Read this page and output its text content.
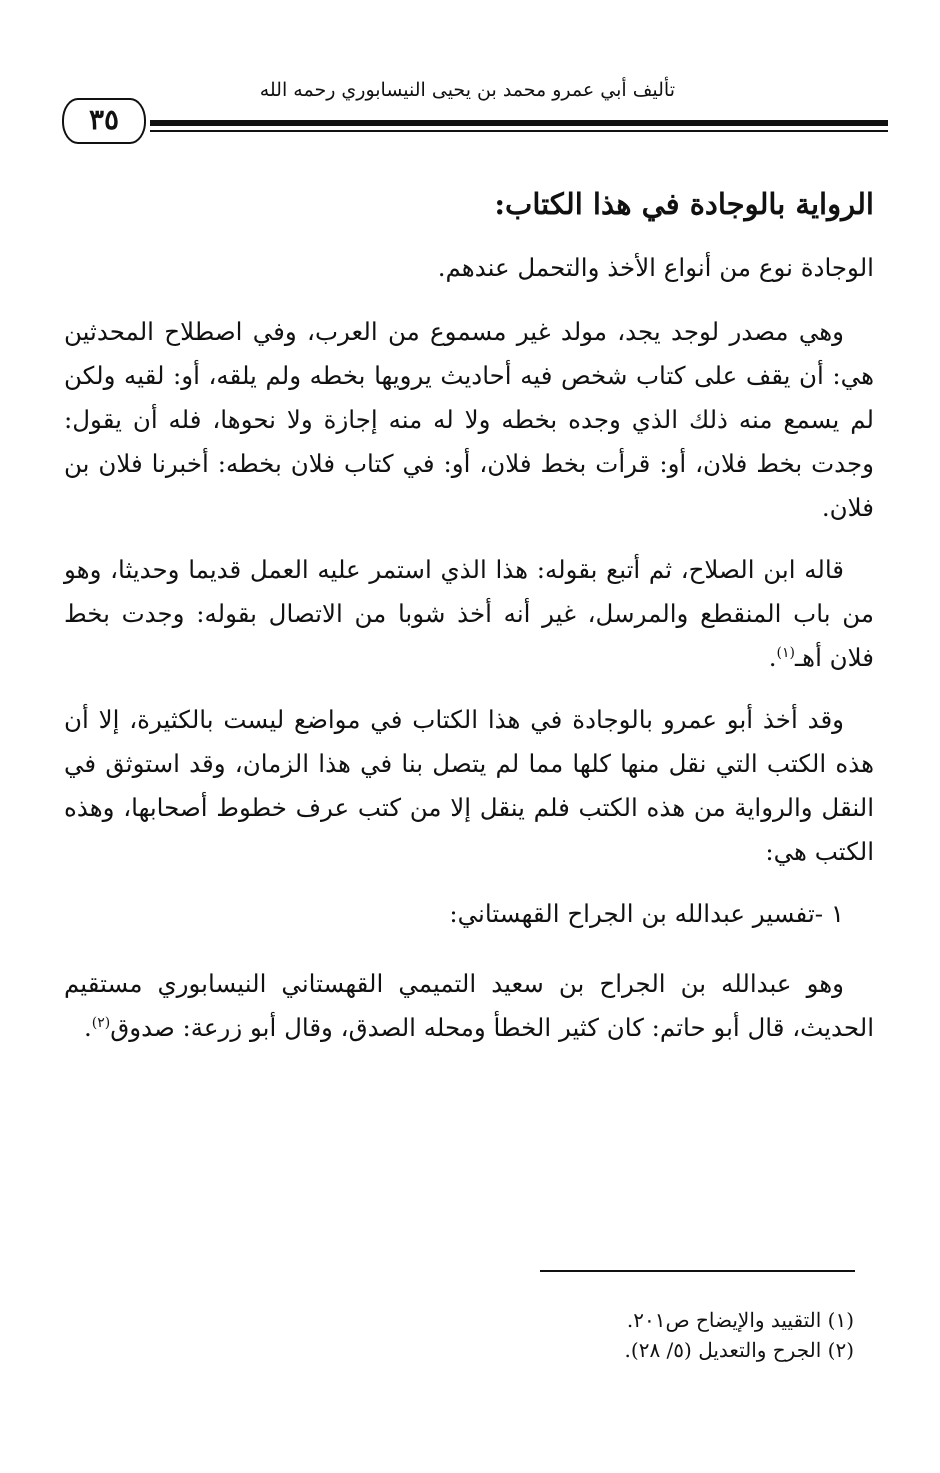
تأليف أبي عمرو محمد بن يحيى النيسابوري رحمه الله
٣٥
الرواية بالوجادة في هذا الكتاب:

الوجادة نوع من أنواع الأخذ والتحمل عندهم.

وهي مصدر لوجد يجد، مولد غير مسموع من العرب، وفي اصطلاح المحدثين هي: أن يقف على كتاب شخص فيه أحاديث يرويها بخطه ولم يلقه، أو: لقيه ولكن لم يسمع منه ذلك الذي وجده بخطه ولا له منه إجازة ولا نحوها، فله أن يقول: وجدت بخط فلان، أو: قرأت بخط فلان، أو: في كتاب فلان بخطه: أخبرنا فلان بن فلان.

قاله ابن الصلاح، ثم أتبع بقوله: هذا الذي استمر عليه العمل قديما وحديثا، وهو من باب المنقطع والمرسل، غير أنه أخذ شوبا من الاتصال بقوله: وجدت بخط فلان أهـ$^{(١)}$.

وقد أخذ أبو عمرو بالوجادة في هذا الكتاب في مواضع ليست بالكثيرة، إلا أن هذه الكتب التي نقل منها كلها مما لم يتصل بنا في هذا الزمان، وقد استوثق في النقل والرواية من هذه الكتب فلم ينقل إلا من كتب عرف خطوط أصحابها، وهذه الكتب هي:

١ -تفسير عبدالله بن الجراح القهستاني:

وهو عبدالله بن الجراح بن سعيد التميمي القهستاني النيسابوري مستقيم الحديث، قال أبو حاتم: كان كثير الخطأ ومحله الصدق، وقال أبو زرعة: صدوق$^{(٢)}$.

(١) التقييد والإيضاح ص٢٠١.
(٢) الجرح والتعديل (٥/ ٢٨).
